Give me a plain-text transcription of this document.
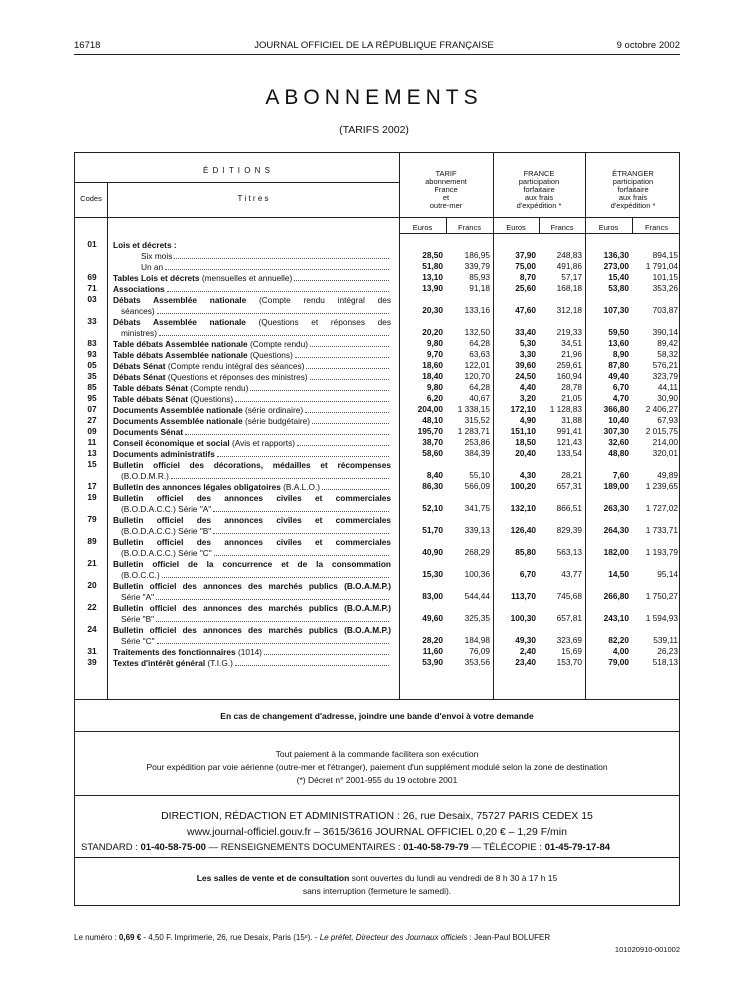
16718	JOURNAL OFFICIEL DE LA RÉPUBLIQUE FRANÇAISE	9 octobre 2002
ABONNEMENTS
(TARIFS 2002)
É D I T I O N S
Codes	T i t r e s
TARIF
abonnement
France
et
outre-mer
FRANCE
participation
forfaitaire
aux frais
d'expédition *
ÉTRANGER
participation
forfaitaire
aux frais
d'expédition *
Euros	Francs	Euros	Francs	Euros	Francs
01	Lois et décrets :
Six mois	28,50	186,95	37,90	248,83	136,30	894,15
Un an	51,80	339,79	75,00	491,86	273,00	1 791,04
69	Tables Lois et décrets (mensuelles et annuelle)	13,10	85,93	8,70	57,17	15,40	101,15
71	Associations	13,90	91,18	25,60	168,18	53,80	353,26
03	Débats Assemblée nationale (Compte rendu intégral des
séances)	20,30	133,16	47,60	312,18	107,30	703,87
33	Débats Assemblée nationale (Questions et réponses des
ministres)	20,20	132,50	33,40	219,33	59,50	390,14
83	Table débats Assemblée nationale (Compte rendu)	9,80	64,28	5,30	34,51	13,60	89,42
93	Table débats Assemblée nationale (Questions)	9,70	63,63	3,30	21,96	8,90	58,32
05	Débats Sénat (Compte rendu intégral des séances)	18,60	122,01	39,60	259,61	87,80	576,21
35	Débats Sénat (Questions et réponses des ministres)	18,40	120,70	24,50	160,94	49,40	323,79
85	Table débats Sénat (Compte rendu)	9,80	64,28	4,40	28,78	6,70	44,11
95	Table débats Sénat (Questions)	6,20	40,67	3,20	21,05	4,70	30,90
07	Documents Assemblée nationale (série ordinaire)	204,00	1 338,15	172,10	1 128,83	366,80	2 406,27
27	Documents Assemblée nationale (série budgétaire)	48,10	315,52	4,90	31,88	10,40	67,93
09	Documents Sénat	195,70	1 283,71	151,10	991,41	307,30	2 015,75
11	Conseil économique et social (Avis et rapports)	38,70	253,86	18,50	121,43	32,60	214,00
13	Documents administratifs	58,60	384,39	20,40	133,54	48,80	320,01
15	Bulletin officiel des décorations, médailles et récompenses
(B.O.D.M.R.)	8,40	55,10	4,30	28,21	7,60	49,89
17	Bulletin des annonces légales obligatoires (B.A.L.O.)	86,30	566,09	100,20	657,31	189,00	1 239,65
19	Bulletin officiel des annonces civiles et commerciales
(B.O.D.A.C.C.) Série "A"	52,10	341,75	132,10	866,51	263,30	1 727,02
79	Bulletin officiel des annonces civiles et commerciales
(B.O.D.A.C.C.) Série "B"	51,70	339,13	126,40	829,39	264,30	1 733,71
89	Bulletin officiel des annonces civiles et commerciales
(B.O.D.A.C.C.) Série "C"	40,90	268,29	85,80	563,13	182,00	1 193,79
21	Bulletin officiel de la concurrence et de la consommation
(B.O.C.C.)	15,30	100,36	6,70	43,77	14,50	95,14
20	Bulletin officiel des annonces des marchés publics (B.O.A.M.P.)
Série "A"	83,00	544,44	113,70	745,68	266,80	1 750,27
22	Bulletin officiel des annonces des marchés publics (B.O.A.M.P.)
Série "B"	49,60	325,35	100,30	657,81	243,10	1 594,93
24	Bulletin officiel des annonces des marchés publics (B.O.A.M.P.)
Série "C"	28,20	184,98	49,30	323,69	82,20	539,11
31	Traitements des fonctionnaires (1014)	11,60	76,09	2,40	15,69	4,00	26,23
39	Textes d'intérêt général (T.I.G.)	53,90	353,56	23,40	153,70	79,00	518,13
En cas de changement d'adresse, joindre une bande d'envoi à votre demande
Tout paiement à la commande facilitera son exécution
Pour expédition par voie aérienne (outre-mer et l'étranger), paiement d'un supplément modulé selon la zone de destination
(*) Décret n° 2001-955 du 19 octobre 2001
DIRECTION, RÉDACTION ET ADMINISTRATION : 26, rue Desaix, 75727 PARIS CEDEX 15
www.journal-officiel.gouv.fr – 3615/3616 JOURNAL OFFICIEL 0,20 € – 1,29 F/min
STANDARD : 01-40-58-75-00 — RENSEIGNEMENTS DOCUMENTAIRES : 01-40-58-79-79 — TÉLÉCOPIE : 01-45-79-17-84
Les salles de vente et de consultation sont ouvertes du lundi au vendredi de 8 h 30 à 17 h 15
sans interruption (fermeture le samedi).
Le numéro : 0,69 € - 4,50 F. Imprimerie, 26, rue Desaix, Paris (15ᵉ). - Le préfet, Directeur des Journaux officiels : Jean-Paul BOLUFER
101020910-001002
